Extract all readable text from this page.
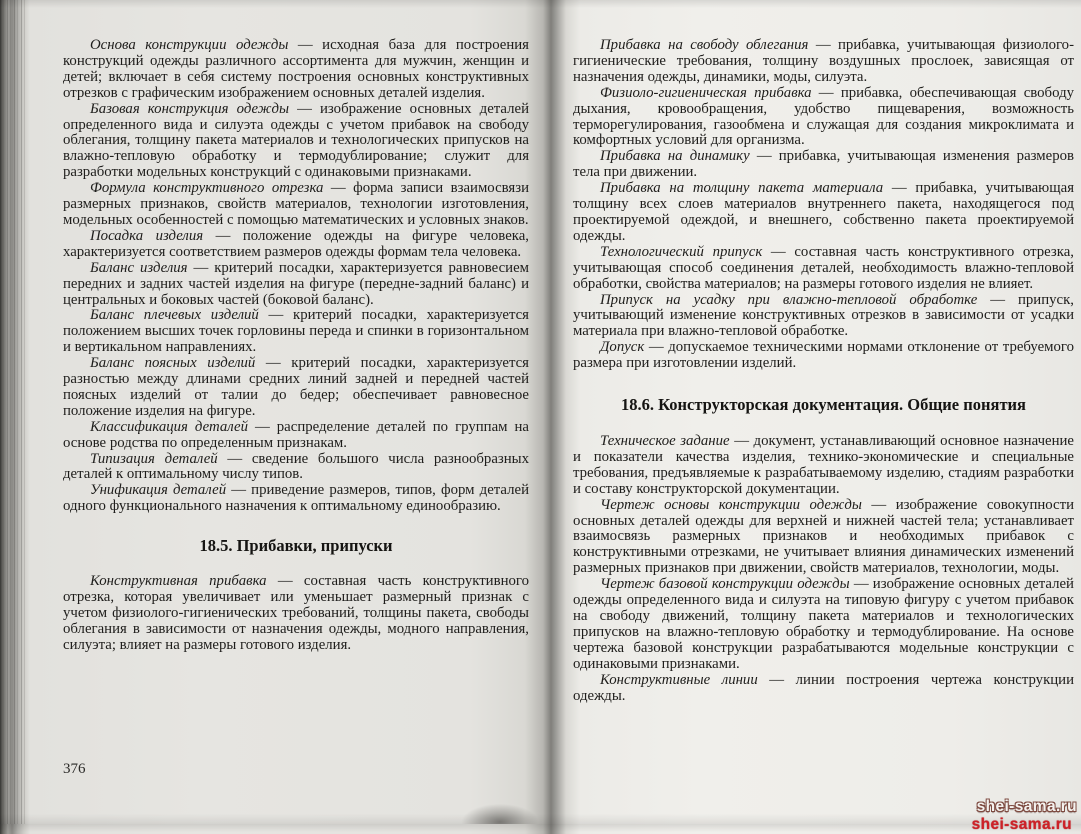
Основа конструкции одежды — исходная база для построения конструкций одежды различного ассортимента для мужчин, женщин и детей; включает в себя систему построения основных конструктивных отрезков с графическим изображением основных деталей изделия.

Базовая конструкция одежды — изображение основных деталей определенного вида и силуэта одежды с учетом прибавок на свободу облегания, толщину пакета материалов и технологических припусков на влажно-тепловую обработку и термодублирование; служит для разработки модельных конструкций с одинаковыми признаками.

Формула конструктивного отрезка — форма записи взаимосвязи размерных признаков, свойств материалов, технологии изготовления, модельных особенностей с помощью математических и условных знаков.

Посадка изделия — положение одежды на фигуре человека, характеризуется соответствием размеров одежды формам тела человека.

Баланс изделия — критерий посадки, характеризуется равновесием передних и задних частей изделия на фигуре (передне-задний баланс) и центральных и боковых частей (боковой баланс).

Баланс плечевых изделий — критерий посадки, характеризуется положением высших точек горловины переда и спинки в горизонтальном и вертикальном направлениях.

Баланс поясных изделий — критерий посадки, характеризуется разностью между длинами средних линий задней и передней частей поясных изделий от талии до бедер; обеспечивает равновесное положение изделия на фигуре.

Классификация деталей — распределение деталей по группам на основе родства по определенным признакам.

Типизация деталей — сведение большого числа разнообразных деталей к оптимальному числу типов.

Унификация деталей — приведение размеров, типов, форм деталей одного функционального назначения к оптимальному единообразию.

18.5. Прибавки, припуски

Конструктивная прибавка — составная часть конструктивного отрезка, которая увеличивает или уменьшает размерный признак с учетом физиолого-гигиенических требований, толщины пакета, свободы облегания в зависимости от назначения одежды, модного направления, силуэта; влияет на размеры готового изделия.

376

Прибавка на свободу облегания — прибавка, учитывающая физиолого-гигиенические требования, толщину воздушных прослоек, зависящая от назначения одежды, динамики, моды, силуэта.

Физиоло-гигиеническая прибавка — прибавка, обеспечивающая свободу дыхания, кровообращения, удобство пищеварения, возможность терморегулирования, газообмена и служащая для создания микроклимата и комфортных условий для организма.

Прибавка на динамику — прибавка, учитывающая изменения размеров тела при движении.

Прибавка на толщину пакета материала — прибавка, учитывающая толщину всех слоев материалов внутреннего пакета, находящегося под проектируемой одеждой, и внешнего, собственно пакета проектируемой одежды.

Технологический припуск — составная часть конструктивного отрезка, учитывающая способ соединения деталей, необходимость влажно-тепловой обработки, свойства материалов; на размеры готового изделия не влияет.

Припуск на усадку при влажно-тепловой обработке — припуск, учитывающий изменение конструктивных отрезков в зависимости от усадки материала при влажно-тепловой обработке.

Допуск — допускаемое техническими нормами отклонение от требуемого размера при изготовлении изделий.

18.6. Конструкторская документация. Общие понятия

Техническое задание — документ, устанавливающий основное назначение и показатели качества изделия, технико-экономические и специальные требования, предъявляемые к разрабатываемому изделию, стадиям разработки и составу конструкторской документации.

Чертеж основы конструкции одежды — изображение совокупности основных деталей одежды для верхней и нижней частей тела; устанавливает взаимосвязь размерных признаков и необходимых прибавок с конструктивными отрезками, не учитывает влияния динамических изменений размерных признаков при движении, свойств материалов, технологии, моды.

Чертеж базовой конструкции одежды — изображение основных деталей одежды определенного вида и силуэта на типовую фигуру с учетом прибавок на свободу движений, толщину пакета материалов и технологических припусков на влажно-тепловую обработку и термодублирование. На основе чертежа базовой конструкции разрабатываются модельные конструкции с одинаковыми признаками.

Конструктивные линии — линии построения чертежа конструкции одежды.

shei-sama.ru
shei-sama.ru
